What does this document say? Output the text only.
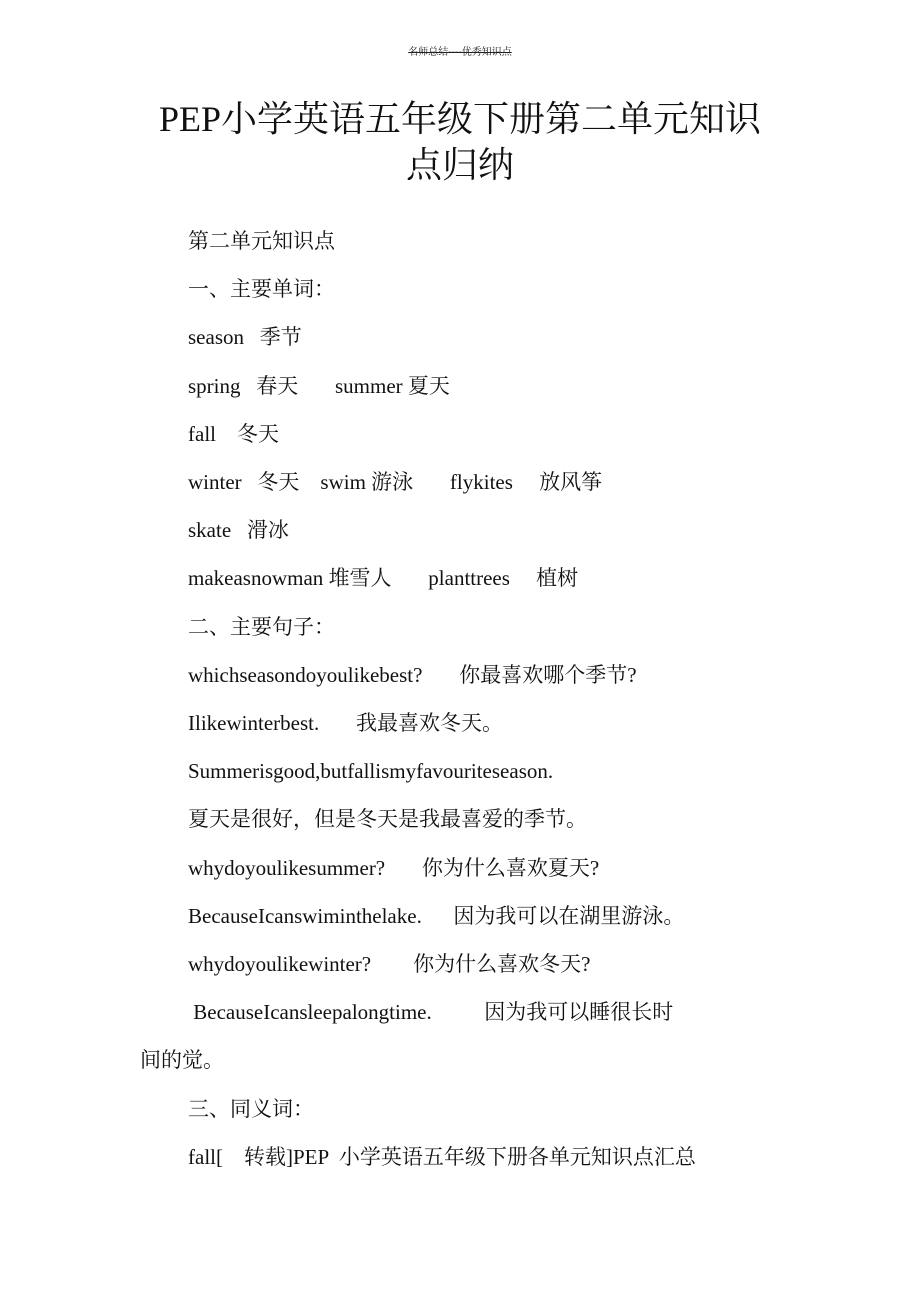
名师总结----优秀知识点
PEP小学英语五年级下册第二单元知识
点归纳
第二单元知识点
一、主要单词：
season   季节
spring   春天       summer 夏天
fall    冬天
winter   冬天    swim 游泳       flykites     放风筝
skate   滑冰
makeasnowman 堆雪人       planttrees     植树
二、主要句子：
whichseasondoyoulikebest?       你最喜欢哪个季节?
Ilikewinterbest.       我最喜欢冬天。
Summerisgood,butfallismyfavouriteseason.
夏天是很好，但是冬天是我最喜爱的季节。
whydoyoulikesummer?       你为什么喜欢夏天?
BecauseIcanswiminthelake.      因为我可以在湖里游泳。
whydoyoulikewinter?        你为什么喜欢冬天?
BecauseIcansleepalongtime.          因为我可以睡很长时
间的觉。
三、同义词：
fall[    转载]PEP  小学英语五年级下册各单元知识点汇总
